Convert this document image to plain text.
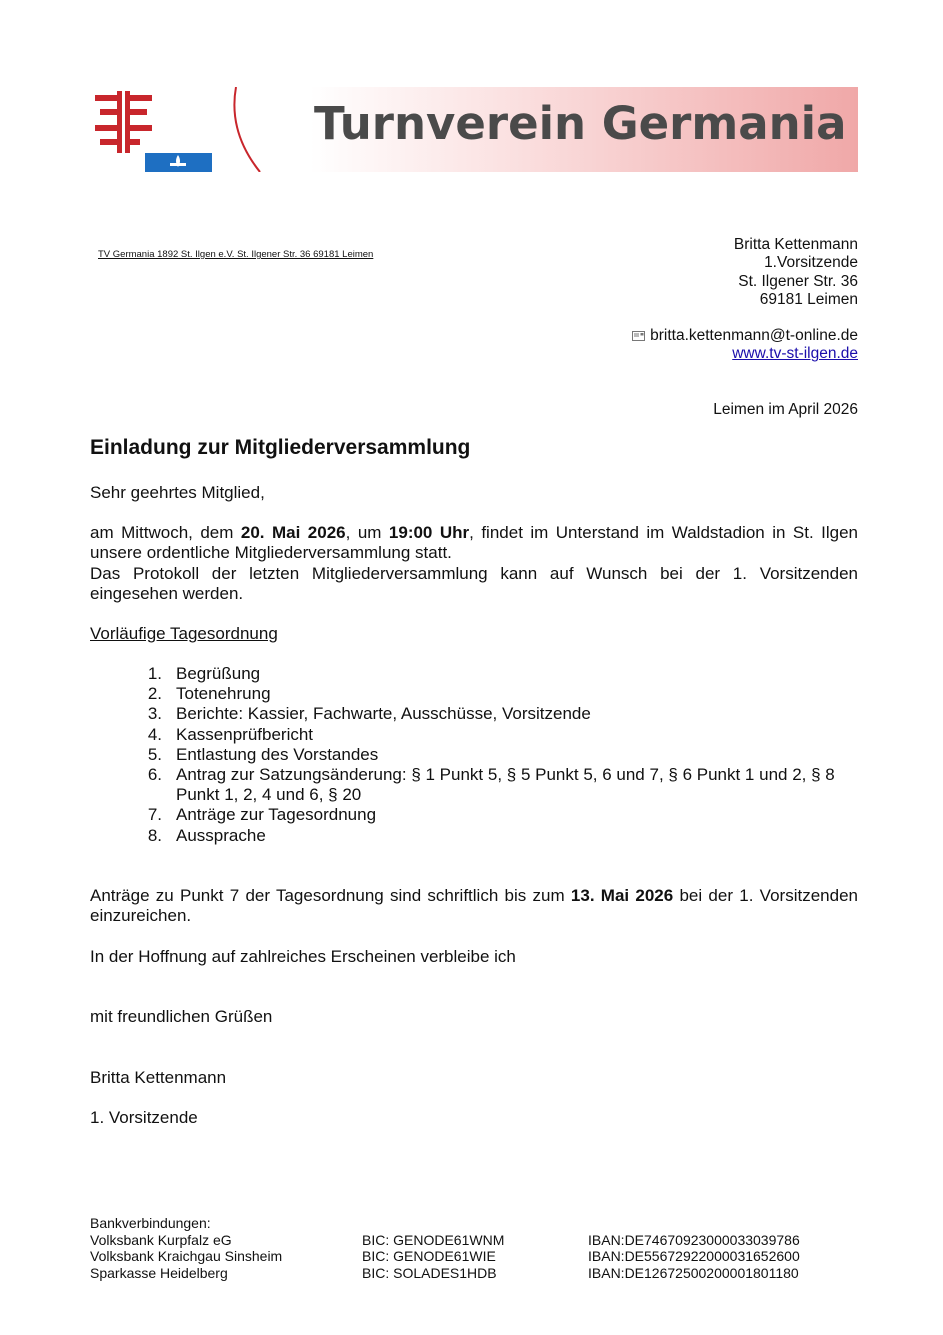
Turnverein Germania
TV Germania 1892 St. Ilgen e.V. St. Ilgener Str. 36 69181 Leimen
Britta Kettenmann
1.Vorsitzende
St. Ilgener Str. 36
69181 Leimen
britta.kettenmann@t-online.de
www.tv-st-ilgen.de
Leimen im April 2026
Einladung zur Mitgliederversammlung
Sehr geehrtes Mitglied,
am Mittwoch, dem 20. Mai 2026, um 19:00 Uhr, findet im Unterstand im Waldstadion in St. Ilgen unsere ordentliche Mitgliederversammlung statt.
Das Protokoll der letzten Mitgliederversammlung kann auf Wunsch bei der 1. Vorsitzenden eingesehen werden.
Vorläufige Tagesordnung
1. Begrüßung
2. Totenehrung
3. Berichte: Kassier, Fachwarte, Ausschüsse, Vorsitzende
4. Kassenprüfbericht
5. Entlastung des Vorstandes
6. Antrag zur Satzungsänderung: § 1 Punkt 5, § 5 Punkt 5, 6 und 7, § 6 Punkt 1 und 2, § 8 Punkt 1, 2, 4 und 6, § 20
7. Anträge zur Tagesordnung
8. Aussprache
Anträge zu Punkt 7 der Tagesordnung sind schriftlich bis zum 13. Mai 2026 bei der 1. Vorsitzenden einzureichen.
In der Hoffnung auf zahlreiches Erscheinen verbleibe ich
mit freundlichen Grüßen
Britta Kettenmann
1. Vorsitzende
Bankverbindungen:
Volksbank Kurpfalz eG	BIC: GENODE61WNM	IBAN:DE74670923000033039786
Volksbank Kraichgau Sinsheim	BIC: GENODE61WIE	IBAN:DE55672922000031652600
Sparkasse Heidelberg	BIC: SOLADES1HDB	IBAN:DE12672500200001801180
